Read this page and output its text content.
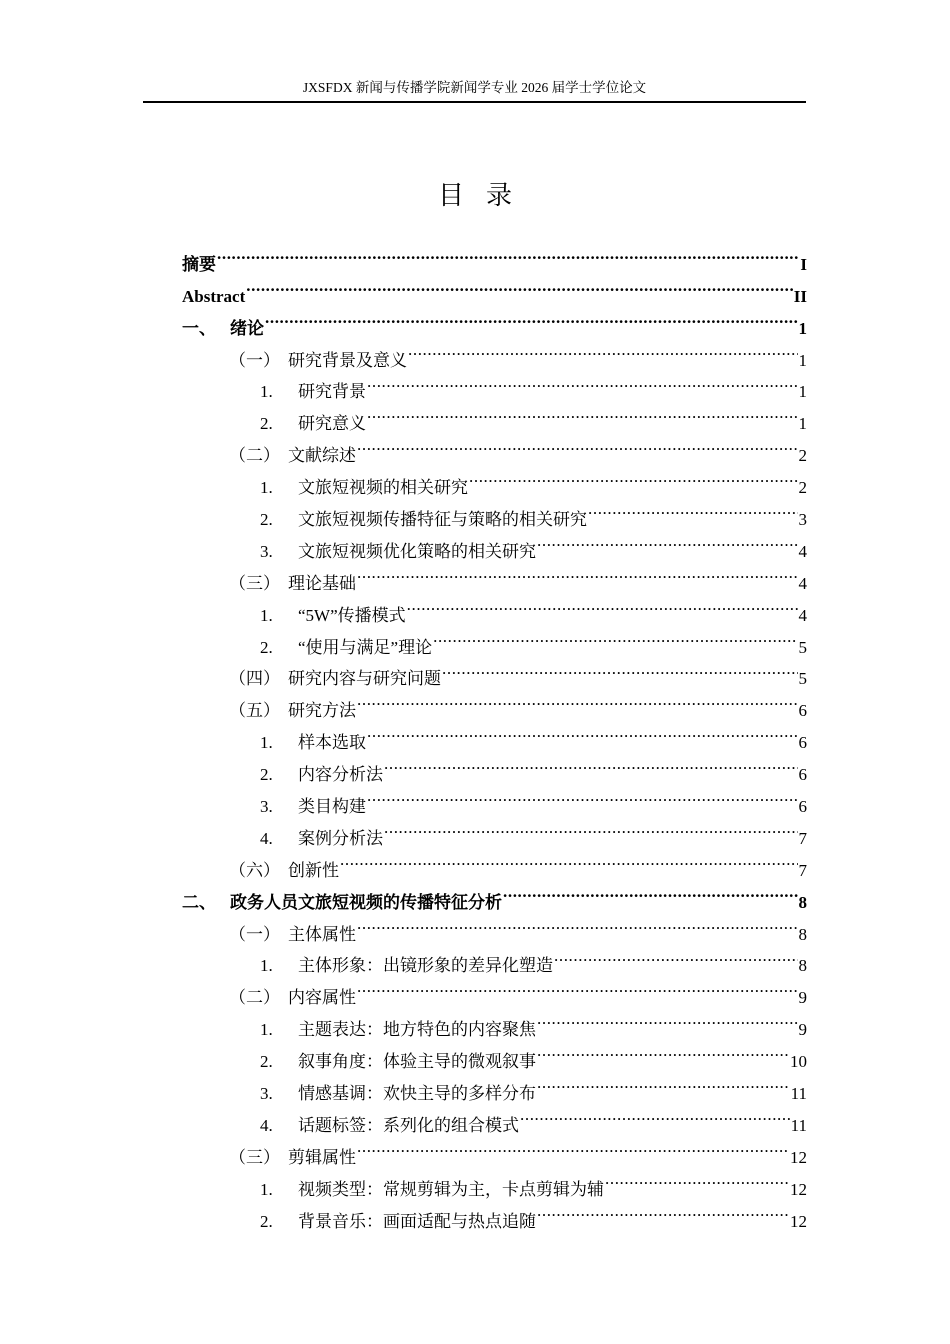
JXSFDX 新闻与传播学院新闻学专业 2026 届学士学位论文
目录
摘要 .....	I
Abstract .....	II
一、 绪论 .....	1
（一） 研究背景及意义 .....	1
1.	研究背景 .....	1
2.	研究意义 .....	1
（二） 文献综述 .....	2
1.	文旅短视频的相关研究 .....	2
2.	文旅短视频传播特征与策略的相关研究 .....	3
3.	文旅短视频优化策略的相关研究 .....	4
（三） 理论基础 .....	4
1.	“5W”传播模式 .....	4
2.	“使用与满足”理论 .....	5
（四） 研究内容与研究问题 .....	5
（五） 研究方法 .....	6
1.	样本选取 .....	6
2.	内容分析法 .....	6
3.	类目构建 .....	6
4.	案例分析法 .....	7
（六） 创新性 .....	7
二、 政务人员文旅短视频的传播特征分析 .....	8
（一） 主体属性 .....	8
1.	主体形象：出镜形象的差异化塑造 .....	8
（二） 内容属性 .....	9
1.	主题表达：地方特色的内容聚焦 .....	9
2.	叙事角度：体验主导的微观叙事 .....	10
3.	情感基调：欢快主导的多样分布 .....	11
4.	话题标签：系列化的组合模式 .....	11
（三） 剪辑属性 .....	12
1.	视频类型：常规剪辑为主，卡点剪辑为辅 .....	12
2.	背景音乐：画面适配与热点追随 .....	12
